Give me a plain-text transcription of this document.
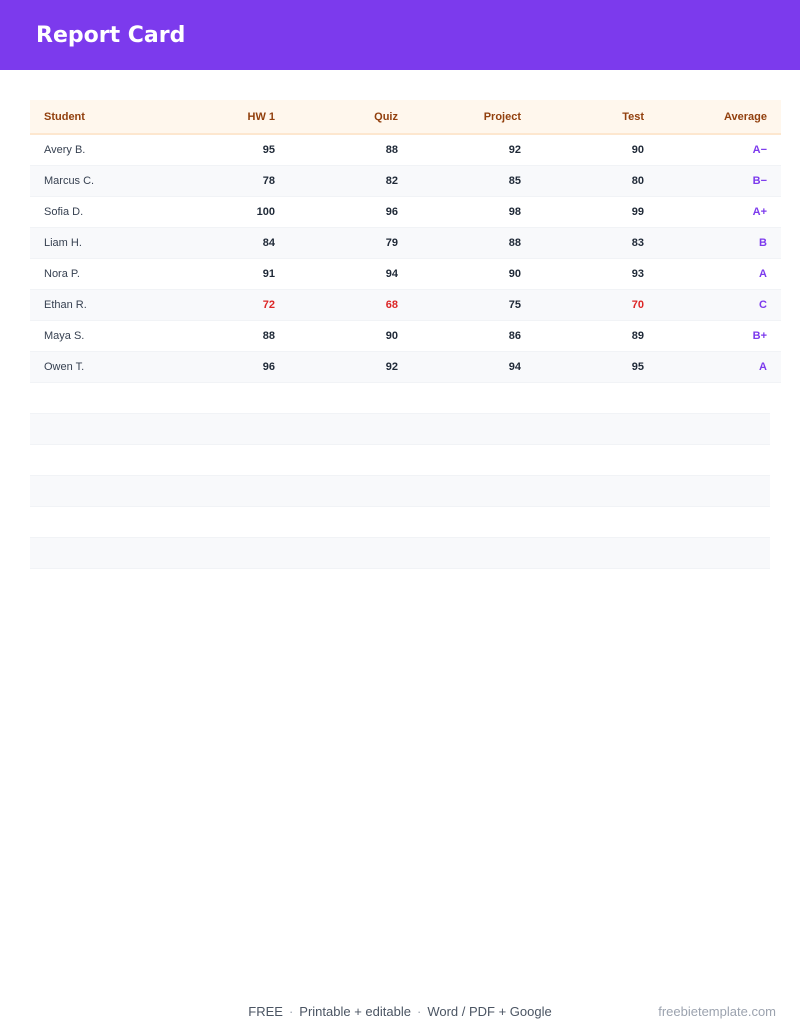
Report Card
Student	HW 1	Quiz	Project	Test	Average
Avery B.	95	88	92	90	A−
Marcus C.	78	82	85	80	B−
Sofia D.	100	96	98	99	A+
Liam H.	84	79	88	83	B
Nora P.	91	94	90	93	A
Ethan R.	72	68	75	70	C
Maya S.	88	90	86	89	B+
Owen T.	96	92	94	95	A
FREE · Printable + editable · Word / PDF + Google	freebietemplate.com
